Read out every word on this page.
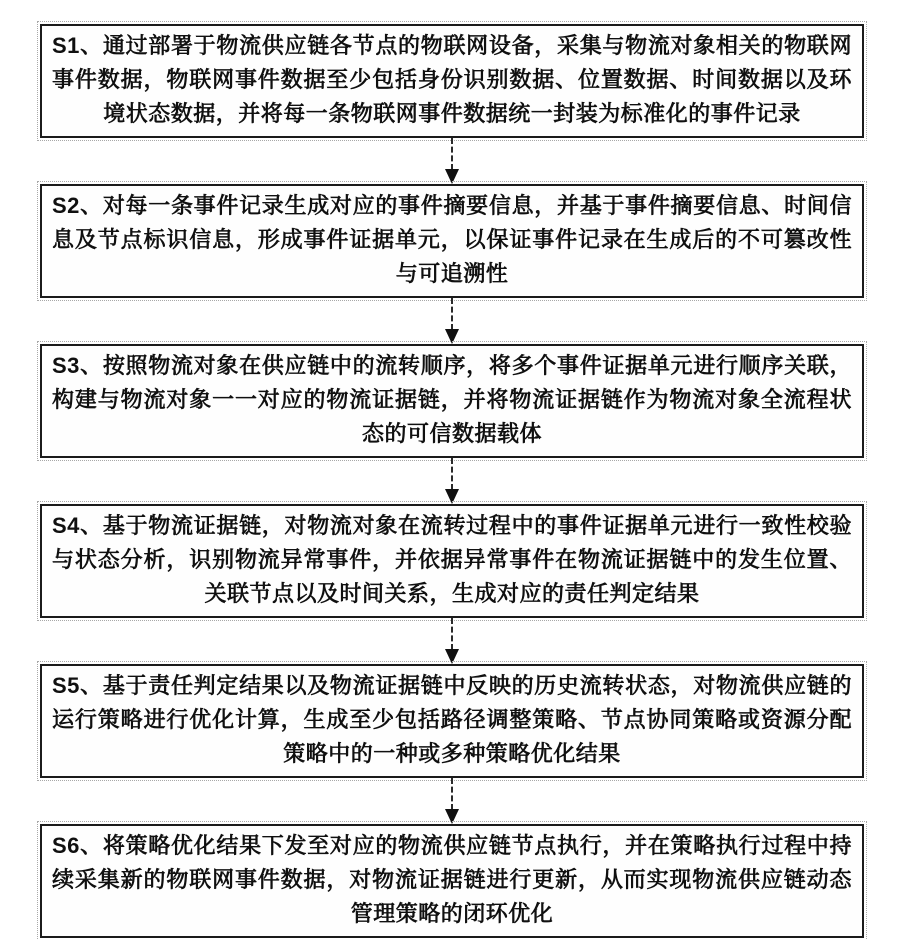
S1、通过部署于物流供应链各节点的物联网设备，采集与物流对象相关的物联网事件数据，物联网事件数据至少包括身份识别数据、位置数据、时间数据以及环境状态数据，并将每一条物联网事件数据统一封装为标准化的事件记录

S2、对每一条事件记录生成对应的事件摘要信息，并基于事件摘要信息、时间信息及节点标识信息，形成事件证据单元，以保证事件记录在生成后的不可篡改性与可追溯性

S3、按照物流对象在供应链中的流转顺序，将多个事件证据单元进行顺序关联，构建与物流对象一一对应的物流证据链，并将物流证据链作为物流对象全流程状态的可信数据载体

S4、基于物流证据链，对物流对象在流转过程中的事件证据单元进行一致性校验与状态分析，识别物流异常事件，并依据异常事件在物流证据链中的发生位置、关联节点以及时间关系，生成对应的责任判定结果

S5、基于责任判定结果以及物流证据链中反映的历史流转状态，对物流供应链的运行策略进行优化计算，生成至少包括路径调整策略、节点协同策略或资源分配策略中的一种或多种策略优化结果

S6、将策略优化结果下发至对应的物流供应链节点执行，并在策略执行过程中持续采集新的物联网事件数据，对物流证据链进行更新，从而实现物流供应链动态管理策略的闭环优化
